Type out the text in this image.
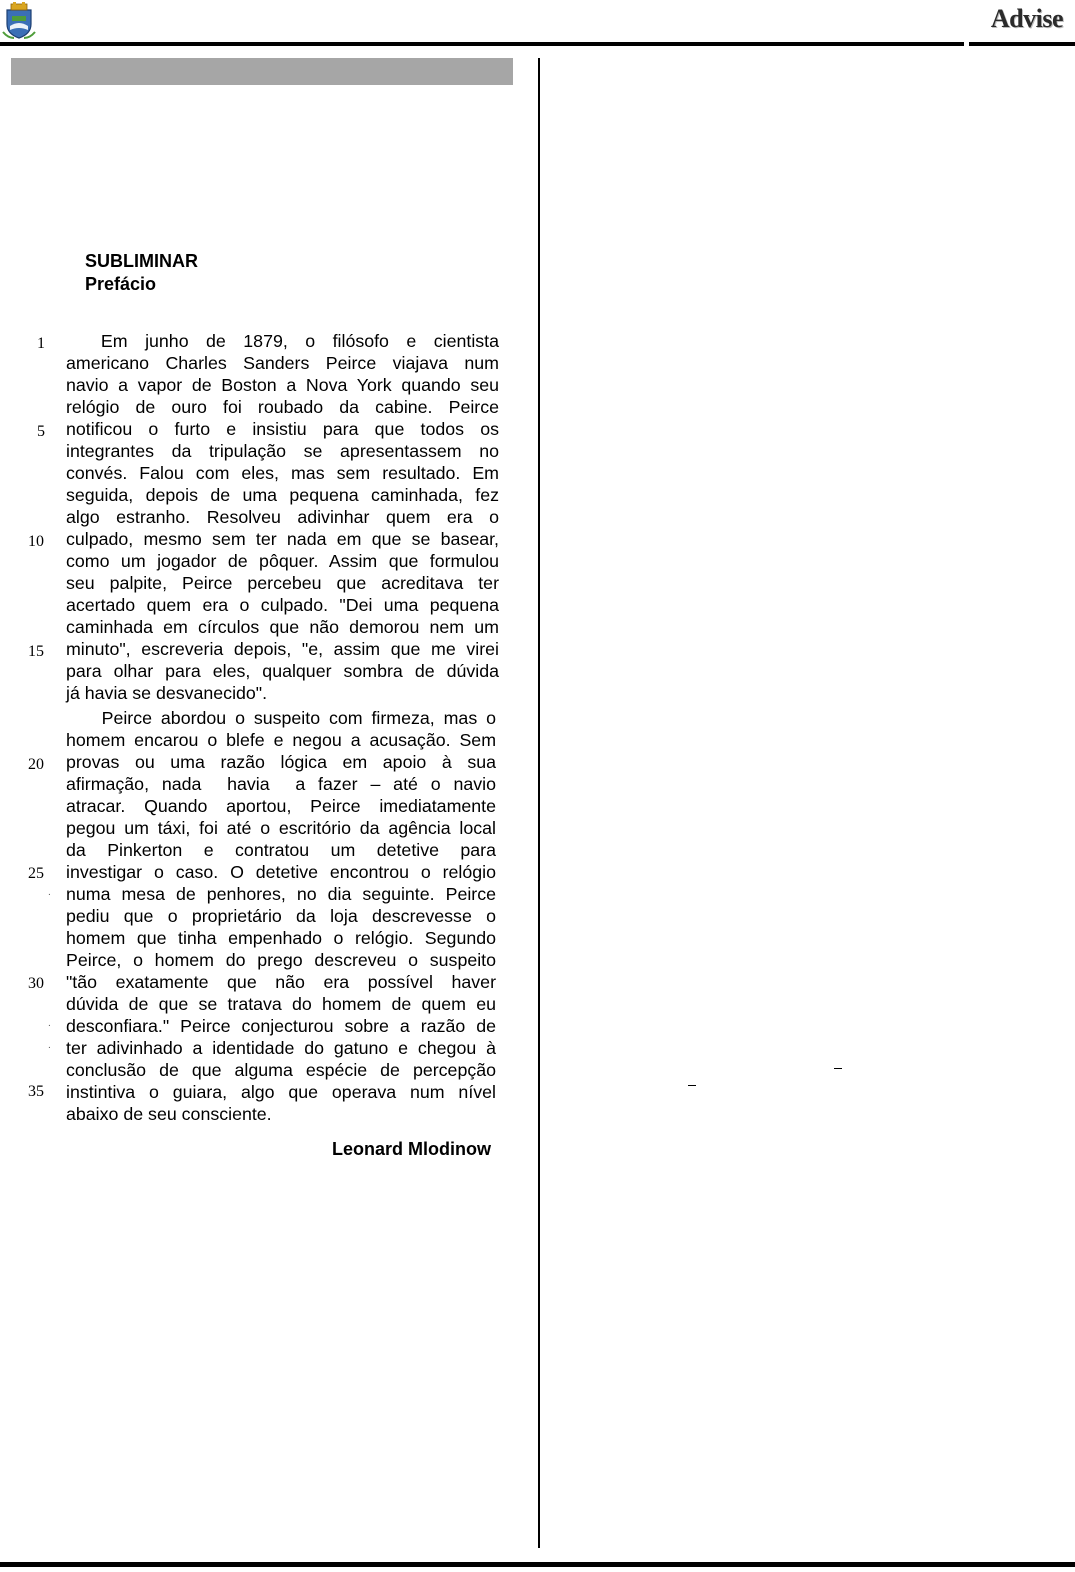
Advise
SUBLIMINAR
Prefácio
1
5
10
15
20
25
30
35
.
.
.
Em junho de 1879, o filósofo e cientista
americano Charles Sanders Peirce viajava num
navio a vapor de Boston a Nova York quando seu
relógio de ouro foi roubado da cabine. Peirce
notificou o furto e insistiu para que todos os
integrantes da tripulação se apresentassem no
convés. Falou com eles, mas sem resultado. Em
seguida, depois de uma pequena caminhada, fez
algo estranho. Resolveu adivinhar quem era o
culpado, mesmo sem ter nada em que se basear,
como um jogador de pôquer. Assim que formulou
seu palpite, Peirce percebeu que acreditava ter
acertado quem era o culpado. "Dei uma pequena
caminhada em círculos que não demorou nem um
minuto", escreveria depois, "e, assim que me virei
para olhar para eles, qualquer sombra de dúvida
já havia se desvanecido".
Peirce abordou o suspeito com firmeza, mas o
homem encarou o blefe e negou a acusação. Sem
provas ou uma razão lógica em apoio à sua
afirmação, nada  havia  a fazer – até o navio
atracar. Quando aportou, Peirce imediatamente
pegou um táxi, foi até o escritório da agência local
da Pinkerton e contratou um detetive para
investigar o caso. O detetive encontrou o relógio
numa mesa de penhores, no dia seguinte. Peirce
pediu que o proprietário da loja descrevesse o
homem que tinha empenhado o relógio. Segundo
Peirce, o homem do prego descreveu o suspeito
"tão exatamente que não era possível haver
dúvida de que se tratava do homem de quem eu
desconfiara." Peirce conjecturou sobre a razão de
ter adivinhado a identidade do gatuno e chegou à
conclusão de que alguma espécie de percepção
instintiva o guiara, algo que operava num nível
abaixo de seu consciente.
Leonard Mlodinow
